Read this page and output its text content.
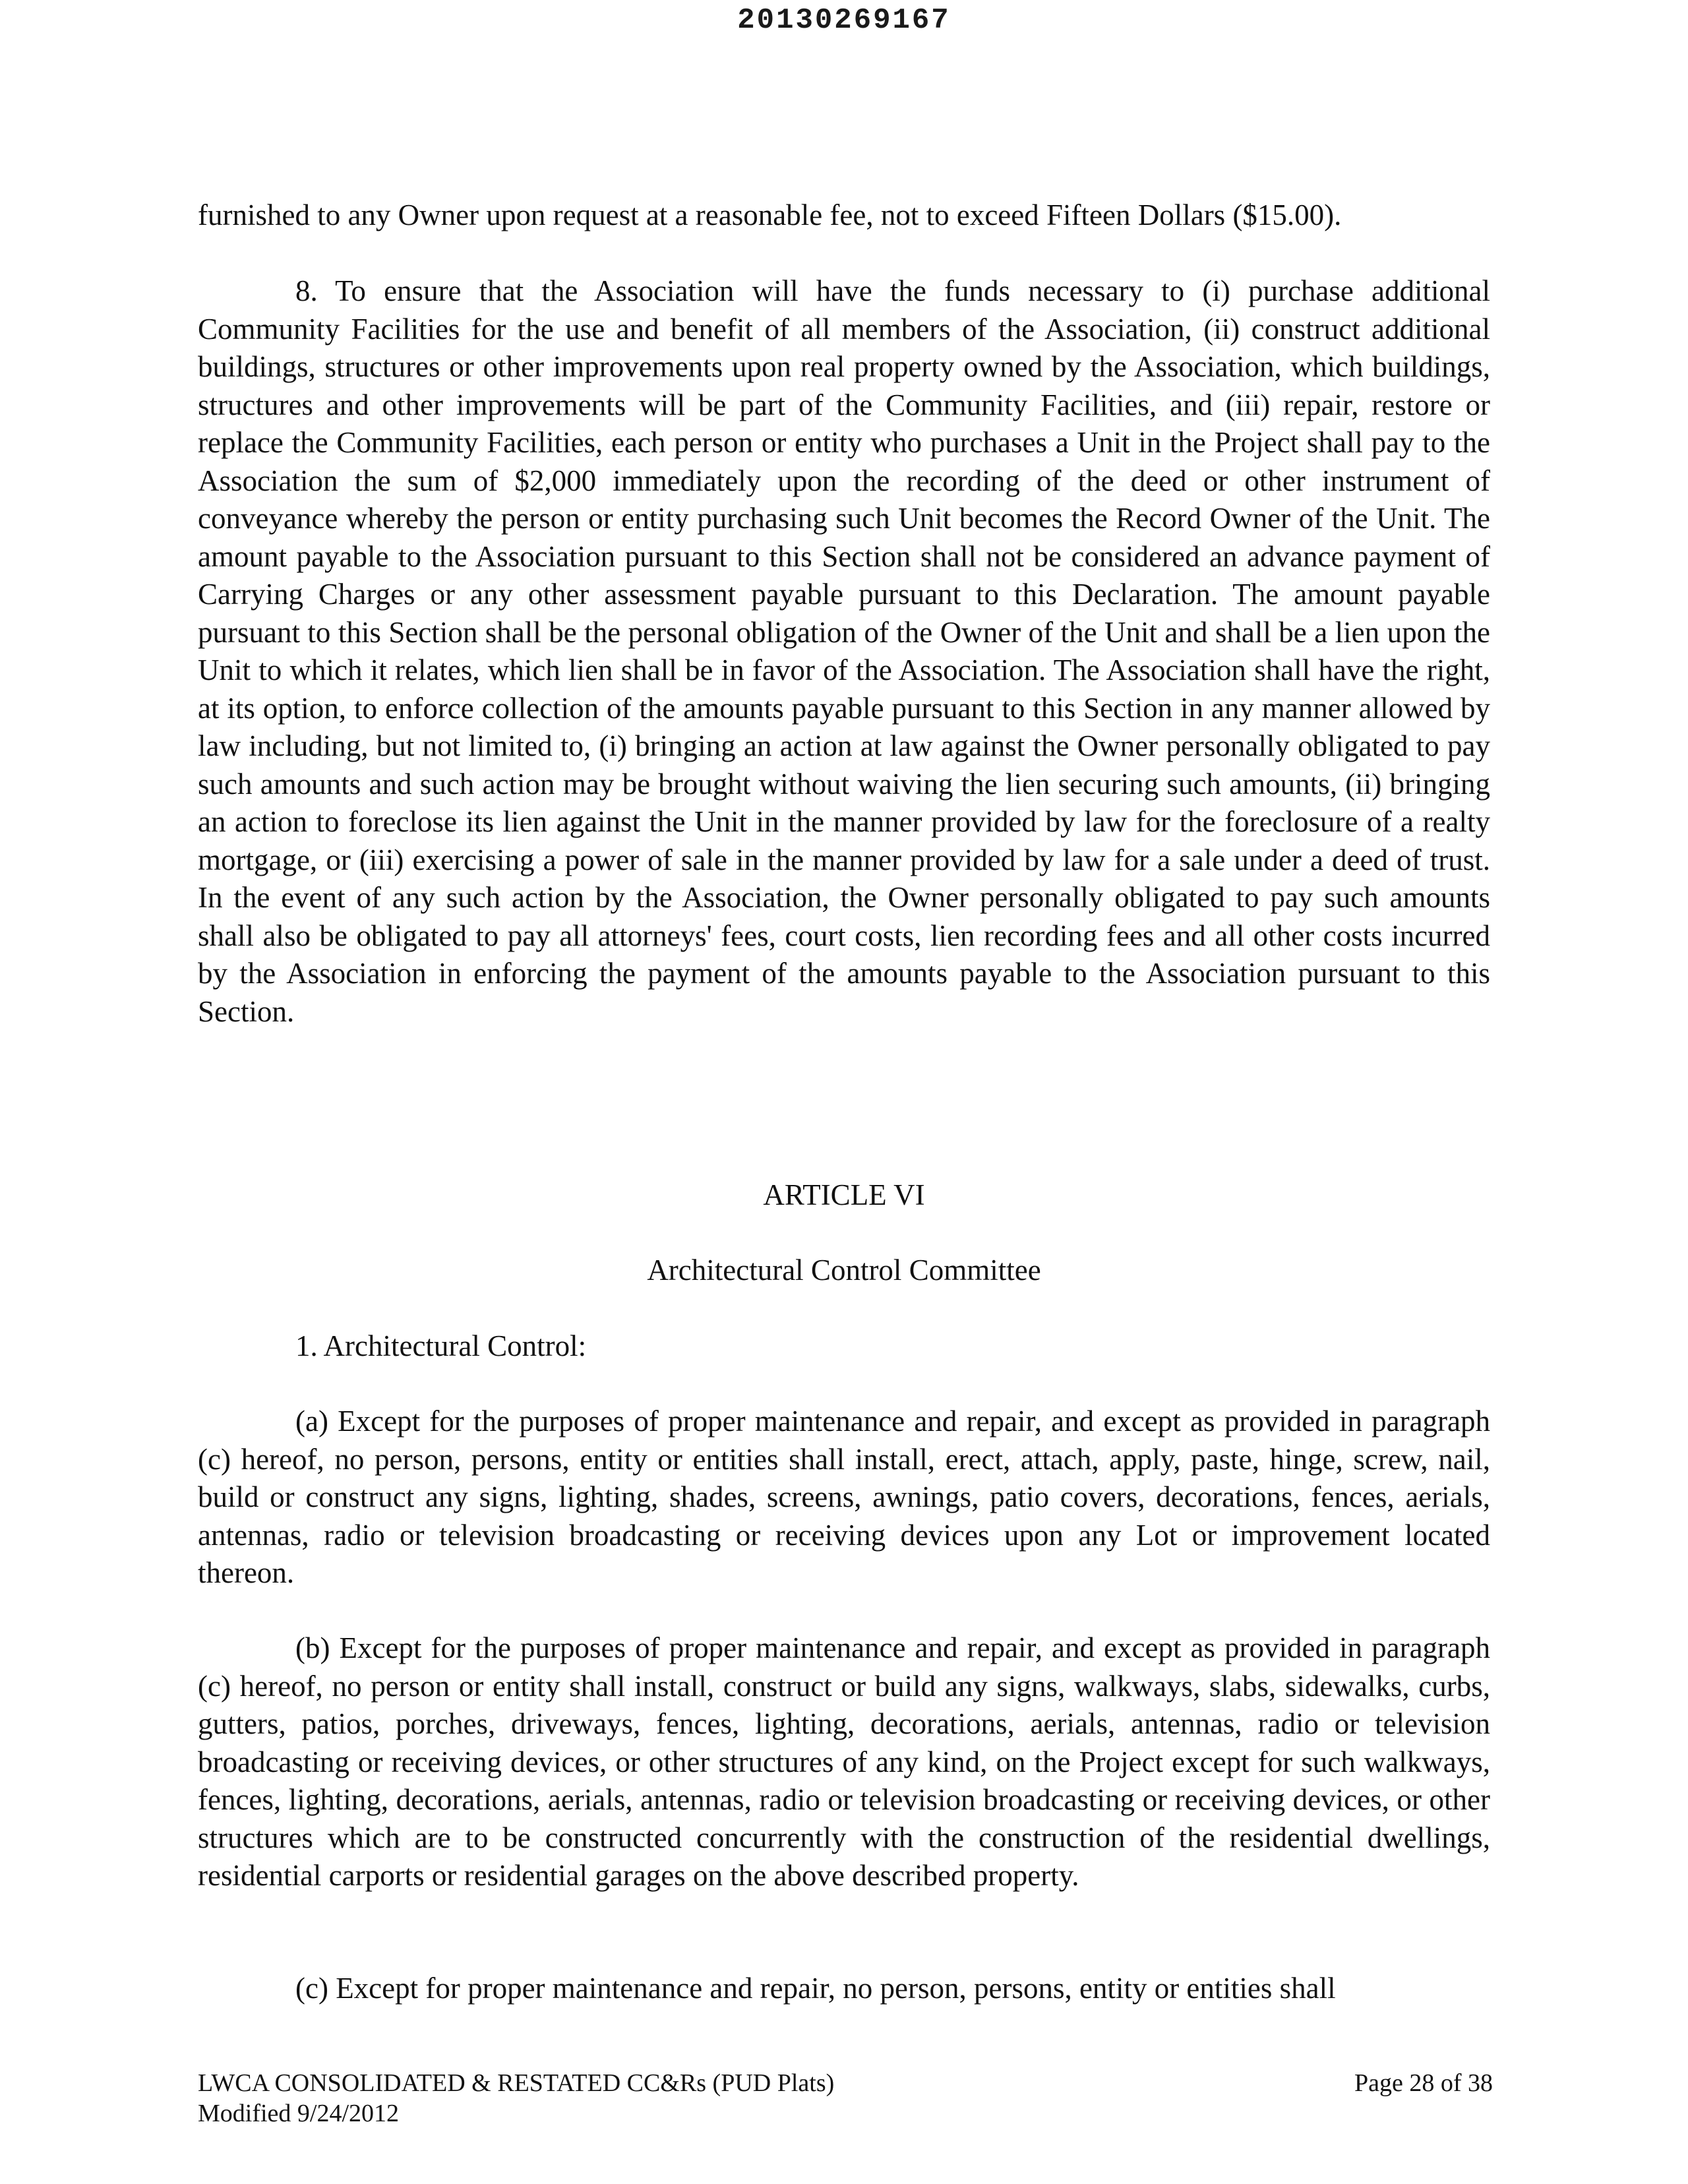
20130269167

furnished to any Owner upon request at a reasonable fee, not to exceed Fifteen Dollars ($15.00).

8. To ensure that the Association will have the funds necessary to (i) purchase additional Community Facilities for the use and benefit of all members of the Association, (ii) construct additional buildings, structures or other improvements upon real property owned by the Association, which buildings, structures and other improvements will be part of the Community Facilities, and (iii) repair, restore or replace the Community Facilities, each person or entity who purchases a Unit in the Project shall pay to the Association the sum of $2,000 immediately upon the recording of the deed or other instrument of conveyance whereby the person or entity purchasing such Unit becomes the Record Owner of the Unit. The amount payable to the Association pursuant to this Section shall not be considered an advance payment of Carrying Charges or any other assessment payable pursuant to this Declaration. The amount payable pursuant to this Section shall be the personal obligation of the Owner of the Unit and shall be a lien upon the Unit to which it relates, which lien shall be in favor of the Association. The Association shall have the right, at its option, to enforce collection of the amounts payable pursuant to this Section in any manner allowed by law including, but not limited to, (i) bringing an action at law against the Owner personally obligated to pay such amounts and such action may be brought without waiving the lien securing such amounts, (ii) bringing an action to foreclose its lien against the Unit in the manner provided by law for the foreclosure of a realty mortgage, or (iii) exercising a power of sale in the manner provided by law for a sale under a deed of trust. In the event of any such action by the Association, the Owner personally obligated to pay such amounts shall also be obligated to pay all attorneys' fees, court costs, lien recording fees and all other costs incurred by the Association in enforcing the payment of the amounts payable to the Association pursuant to this Section.

ARTICLE VI
Architectural Control Committee
1. Architectural Control:

(a) Except for the purposes of proper maintenance and repair, and except as provided in paragraph (c) hereof, no person, persons, entity or entities shall install, erect, attach, apply, paste, hinge, screw, nail, build or construct any signs, lighting, shades, screens, awnings, patio covers, decorations, fences, aerials, antennas, radio or television broadcasting or receiving devices upon any Lot or improvement located thereon.

(b) Except for the purposes of proper maintenance and repair, and except as provided in paragraph (c) hereof, no person or entity shall install, construct or build any signs, walkways, slabs, sidewalks, curbs, gutters, patios, porches, driveways, fences, lighting, decorations, aerials, antennas, radio or television broadcasting or receiving devices, or other structures of any kind, on the Project except for such walkways, fences, lighting, decorations, aerials, antennas, radio or television broadcasting or receiving devices, or other structures which are to be constructed concurrently with the construction of the residential dwellings, residential carports or residential garages on the above described property.

(c) Except for proper maintenance and repair, no person, persons, entity or entities shall

LWCA CONSOLIDATED & RESTATED CC&Rs (PUD Plats)
Modified 9/24/2012
Page 28 of 38
